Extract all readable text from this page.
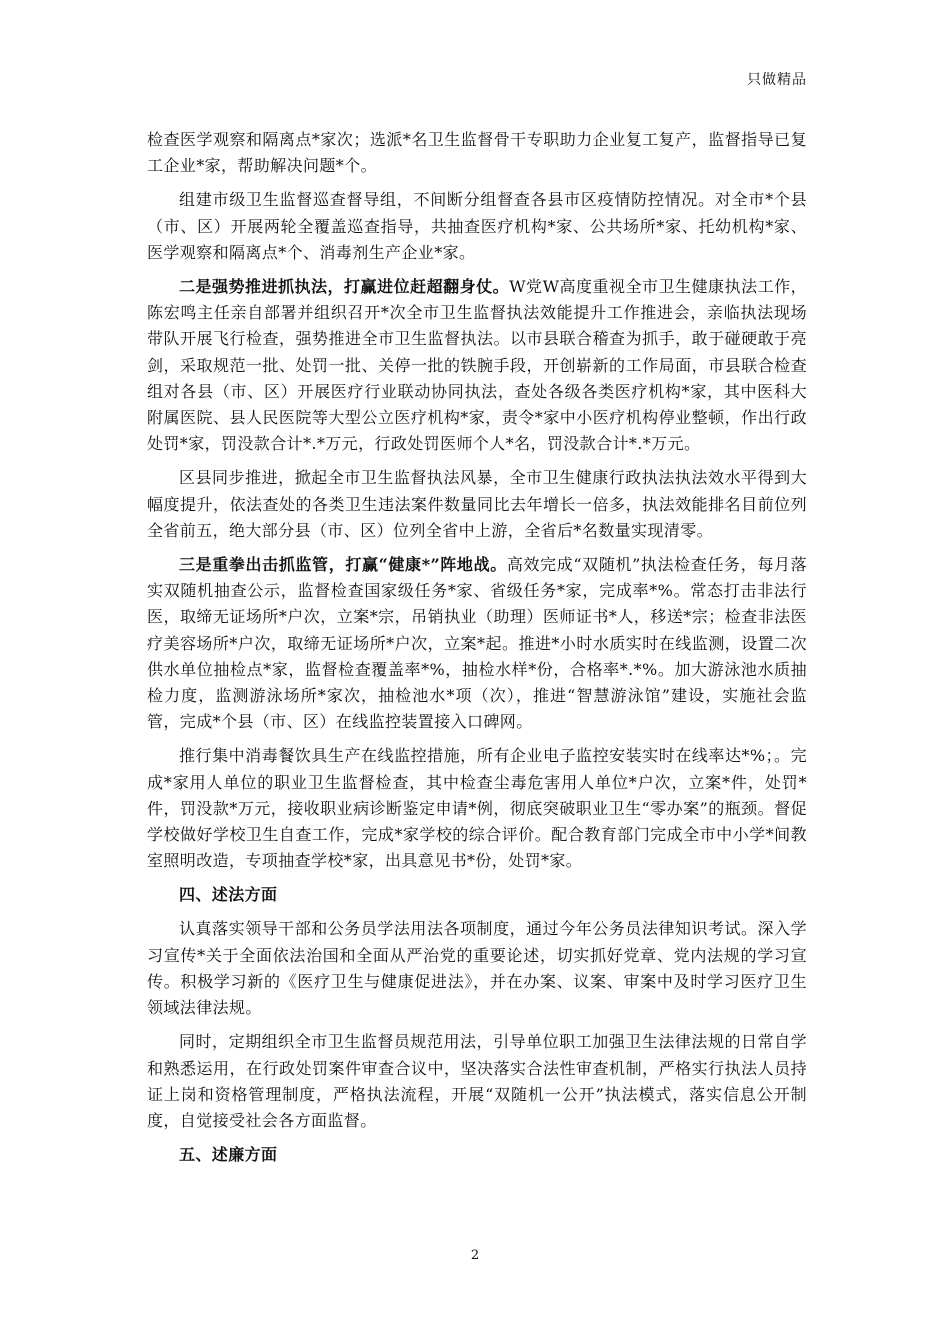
只做精品

检查医学观察和隔离点*家次；选派*名卫生监督骨干专职助力企业复工复产，监督指导已复工企业*家，帮助解决问题*个。

组建市级卫生监督巡查督导组，不间断分组督查各县市区疫情防控情况。对全市*个县（市、区）开展两轮全覆盖巡查指导，共抽查医疗机构*家、公共场所*家、托幼机构*家、医学观察和隔离点*个、消毒剂生产企业*家。

二是强势推进抓执法，打赢进位赶超翻身仗。W党W高度重视全市卫生健康执法工作，陈宏鸣主任亲自部署并组织召开*次全市卫生监督执法效能提升工作推进会，亲临执法现场带队开展飞行检查，强势推进全市卫生监督执法。以市县联合稽查为抓手，敢于碰硬敢于亮剑，采取规范一批、处罚一批、关停一批的铁腕手段，开创崭新的工作局面，市县联合检查组对各县（市、区）开展医疗行业联动协同执法，查处各级各类医疗机构*家，其中医科大附属医院、县人民医院等大型公立医疗机构*家，责令*家中小医疗机构停业整顿，作出行政处罚*家，罚没款合计*.*万元，行政处罚医师个人*名，罚没款合计*.*万元。

区县同步推进，掀起全市卫生监督执法风暴，全市卫生健康行政执法执法效水平得到大幅度提升，依法查处的各类卫生违法案件数量同比去年增长一倍多，执法效能排名目前位列全省前五，绝大部分县（市、区）位列全省中上游，全省后*名数量实现清零。

三是重拳出击抓监管，打赢“健康*”阵地战。高效完成“双随机”执法检查任务，每月落实双随机抽查公示，监督检查国家级任务*家、省级任务*家，完成率*%。常态打击非法行医，取缔无证场所*户次，立案*宗，吊销执业（助理）医师证书*人，移送*宗；检查非法医疗美容场所*户次，取缔无证场所*户次，立案*起。推进*小时水质实时在线监测，设置二次供水单位抽检点*家，监督检查覆盖率*%，抽检水样*份，合格率*.*%。加大游泳池水质抽检力度，监测游泳场所*家次，抽检池水*项（次），推进“智慧游泳馆”建设，实施社会监管，完成*个县（市、区）在线监控装置接入口碑网。

推行集中消毒餐饮具生产在线监控措施，所有企业电子监控安装实时在线率达*%；。完成*家用人单位的职业卫生监督检查，其中检查尘毒危害用人单位*户次，立案*件，处罚*件，罚没款*万元，接收职业病诊断鉴定申请*例，彻底突破职业卫生“零办案”的瓶颈。督促学校做好学校卫生自查工作，完成*家学校的综合评价。配合教育部门完成全市中小学*间教室照明改造，专项抽查学校*家，出具意见书*份，处罚*家。

四、述法方面

认真落实领导干部和公务员学法用法各项制度，通过今年公务员法律知识考试。深入学习宣传*关于全面依法治国和全面从严治党的重要论述，切实抓好党章、党内法规的学习宣传。积极学习新的《医疗卫生与健康促进法》，并在办案、议案、审案中及时学习医疗卫生领域法律法规。

同时，定期组织全市卫生监督员规范用法，引导单位职工加强卫生法律法规的日常自学和熟悉运用，在行政处罚案件审查合议中，坚决落实合法性审查机制，严格实行执法人员持证上岗和资格管理制度，严格执法流程，开展“双随机一公开”执法模式，落实信息公开制度，自觉接受社会各方面监督。

五、述廉方面
2
